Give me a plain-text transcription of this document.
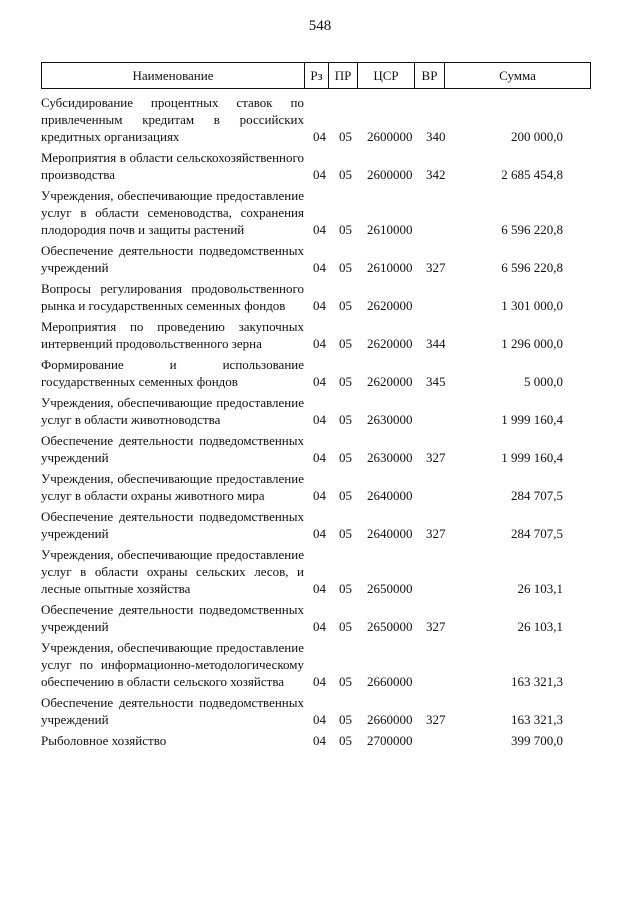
548
Наименование	Рз ПР	ЦСР	ВР	Сумма
Субсидирование процентных ставок по привлеченным кредитам в российских кредитных организациях	04 05 2600000 340	200 000,0
Мероприятия в области сельскохозяйственного производства	04 05 2600000 342	2 685 454,8
Учреждения, обеспечивающие предоставление услуг в области семеноводства, сохранения плодородия почв и защиты растений	04 05 2610000	6 596 220,8
Обеспечение деятельности подведомственных учреждений	04 05 2610000 327	6 596 220,8
Вопросы регулирования продовольственного рынка и государственных семенных фондов	04 05 2620000	1 301 000,0
Мероприятия по проведению закупочных интервенций продовольственного зерна	04 05 2620000 344	1 296 000,0
Формирование и использование государственных семенных фондов	04 05 2620000 345	5 000,0
Учреждения, обеспечивающие предоставление услуг в области животноводства	04 05 2630000	1 999 160,4
Обеспечение деятельности подведомственных учреждений	04 05 2630000 327	1 999 160,4
Учреждения, обеспечивающие предоставление услуг в области охраны животного мира	04 05 2640000	284 707,5
Обеспечение деятельности подведомственных учреждений	04 05 2640000 327	284 707,5
Учреждения, обеспечивающие предоставление услуг в области охраны сельских лесов, и лесные опытные хозяйства	04 05 2650000	26 103,1
Обеспечение деятельности подведомственных учреждений	04 05 2650000 327	26 103,1
Учреждения, обеспечивающие предоставление услуг по информационно-методологическому обеспечению в области сельского хозяйства	04 05 2660000	163 321,3
Обеспечение деятельности подведомственных учреждений	04 05 2660000 327	163 321,3
Рыболовное хозяйство	04 05 2700000	399 700,0
